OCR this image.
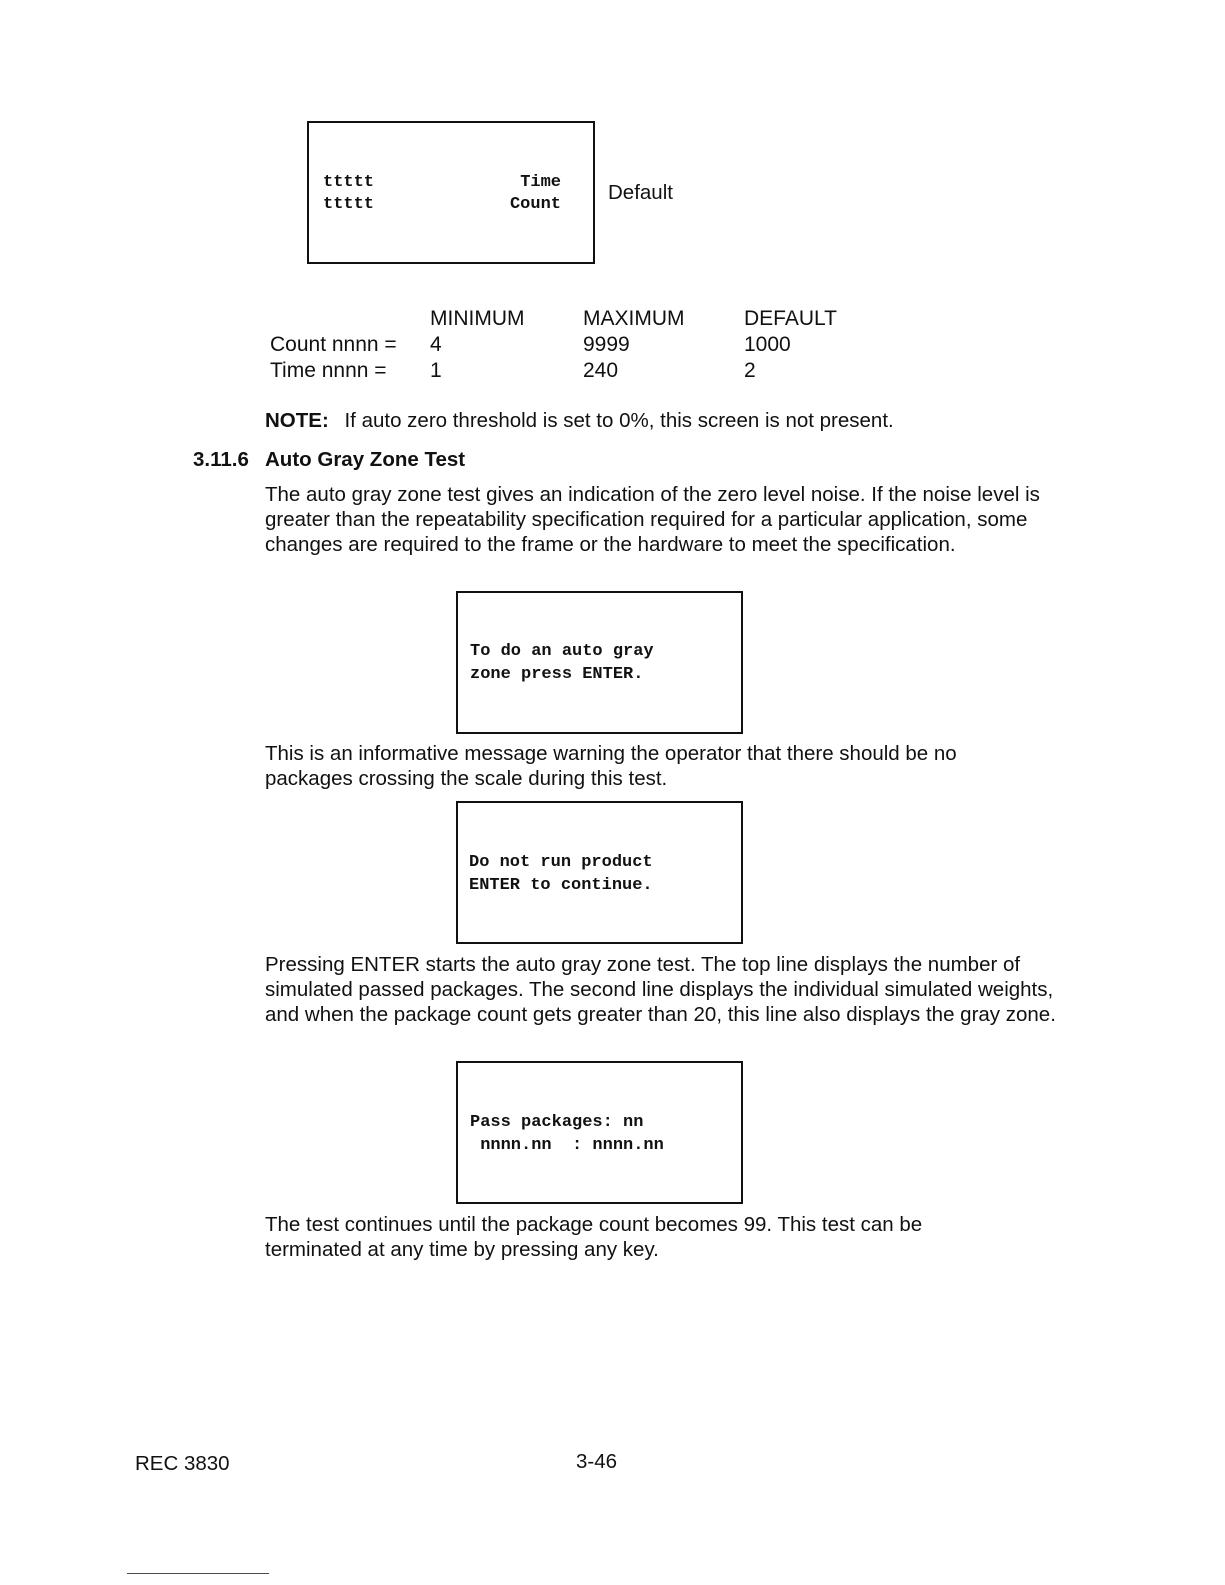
ttttt	Time
ttttt	Count
Default
MINIMUM	MAXIMUM	DEFAULT
Count nnnn = 4	9999	1000
Time nnnn = 1	240	2
NOTE: If auto zero threshold is set to 0%, this screen is not present.
3.11.6 Auto Gray Zone Test
The auto gray zone test gives an indication of the zero level noise. If the noise level is greater than the repeatability specification required for a particular application, some changes are required to the frame or the hardware to meet the specification.
To do an auto gray
zone press ENTER.
This is an informative message warning the operator that there should be no packages crossing the scale during this test.
Do not run product
ENTER to continue.
Pressing ENTER starts the auto gray zone test. The top line displays the number of simulated passed packages. The second line displays the individual simulated weights, and when the package count gets greater than 20, this line also displays the gray zone.
Pass packages: nn
nnnn.nn  : nnnn.nn
The test continues until the package count becomes 99. This test can be terminated at any time by pressing any key.
REC 3830	3-46
